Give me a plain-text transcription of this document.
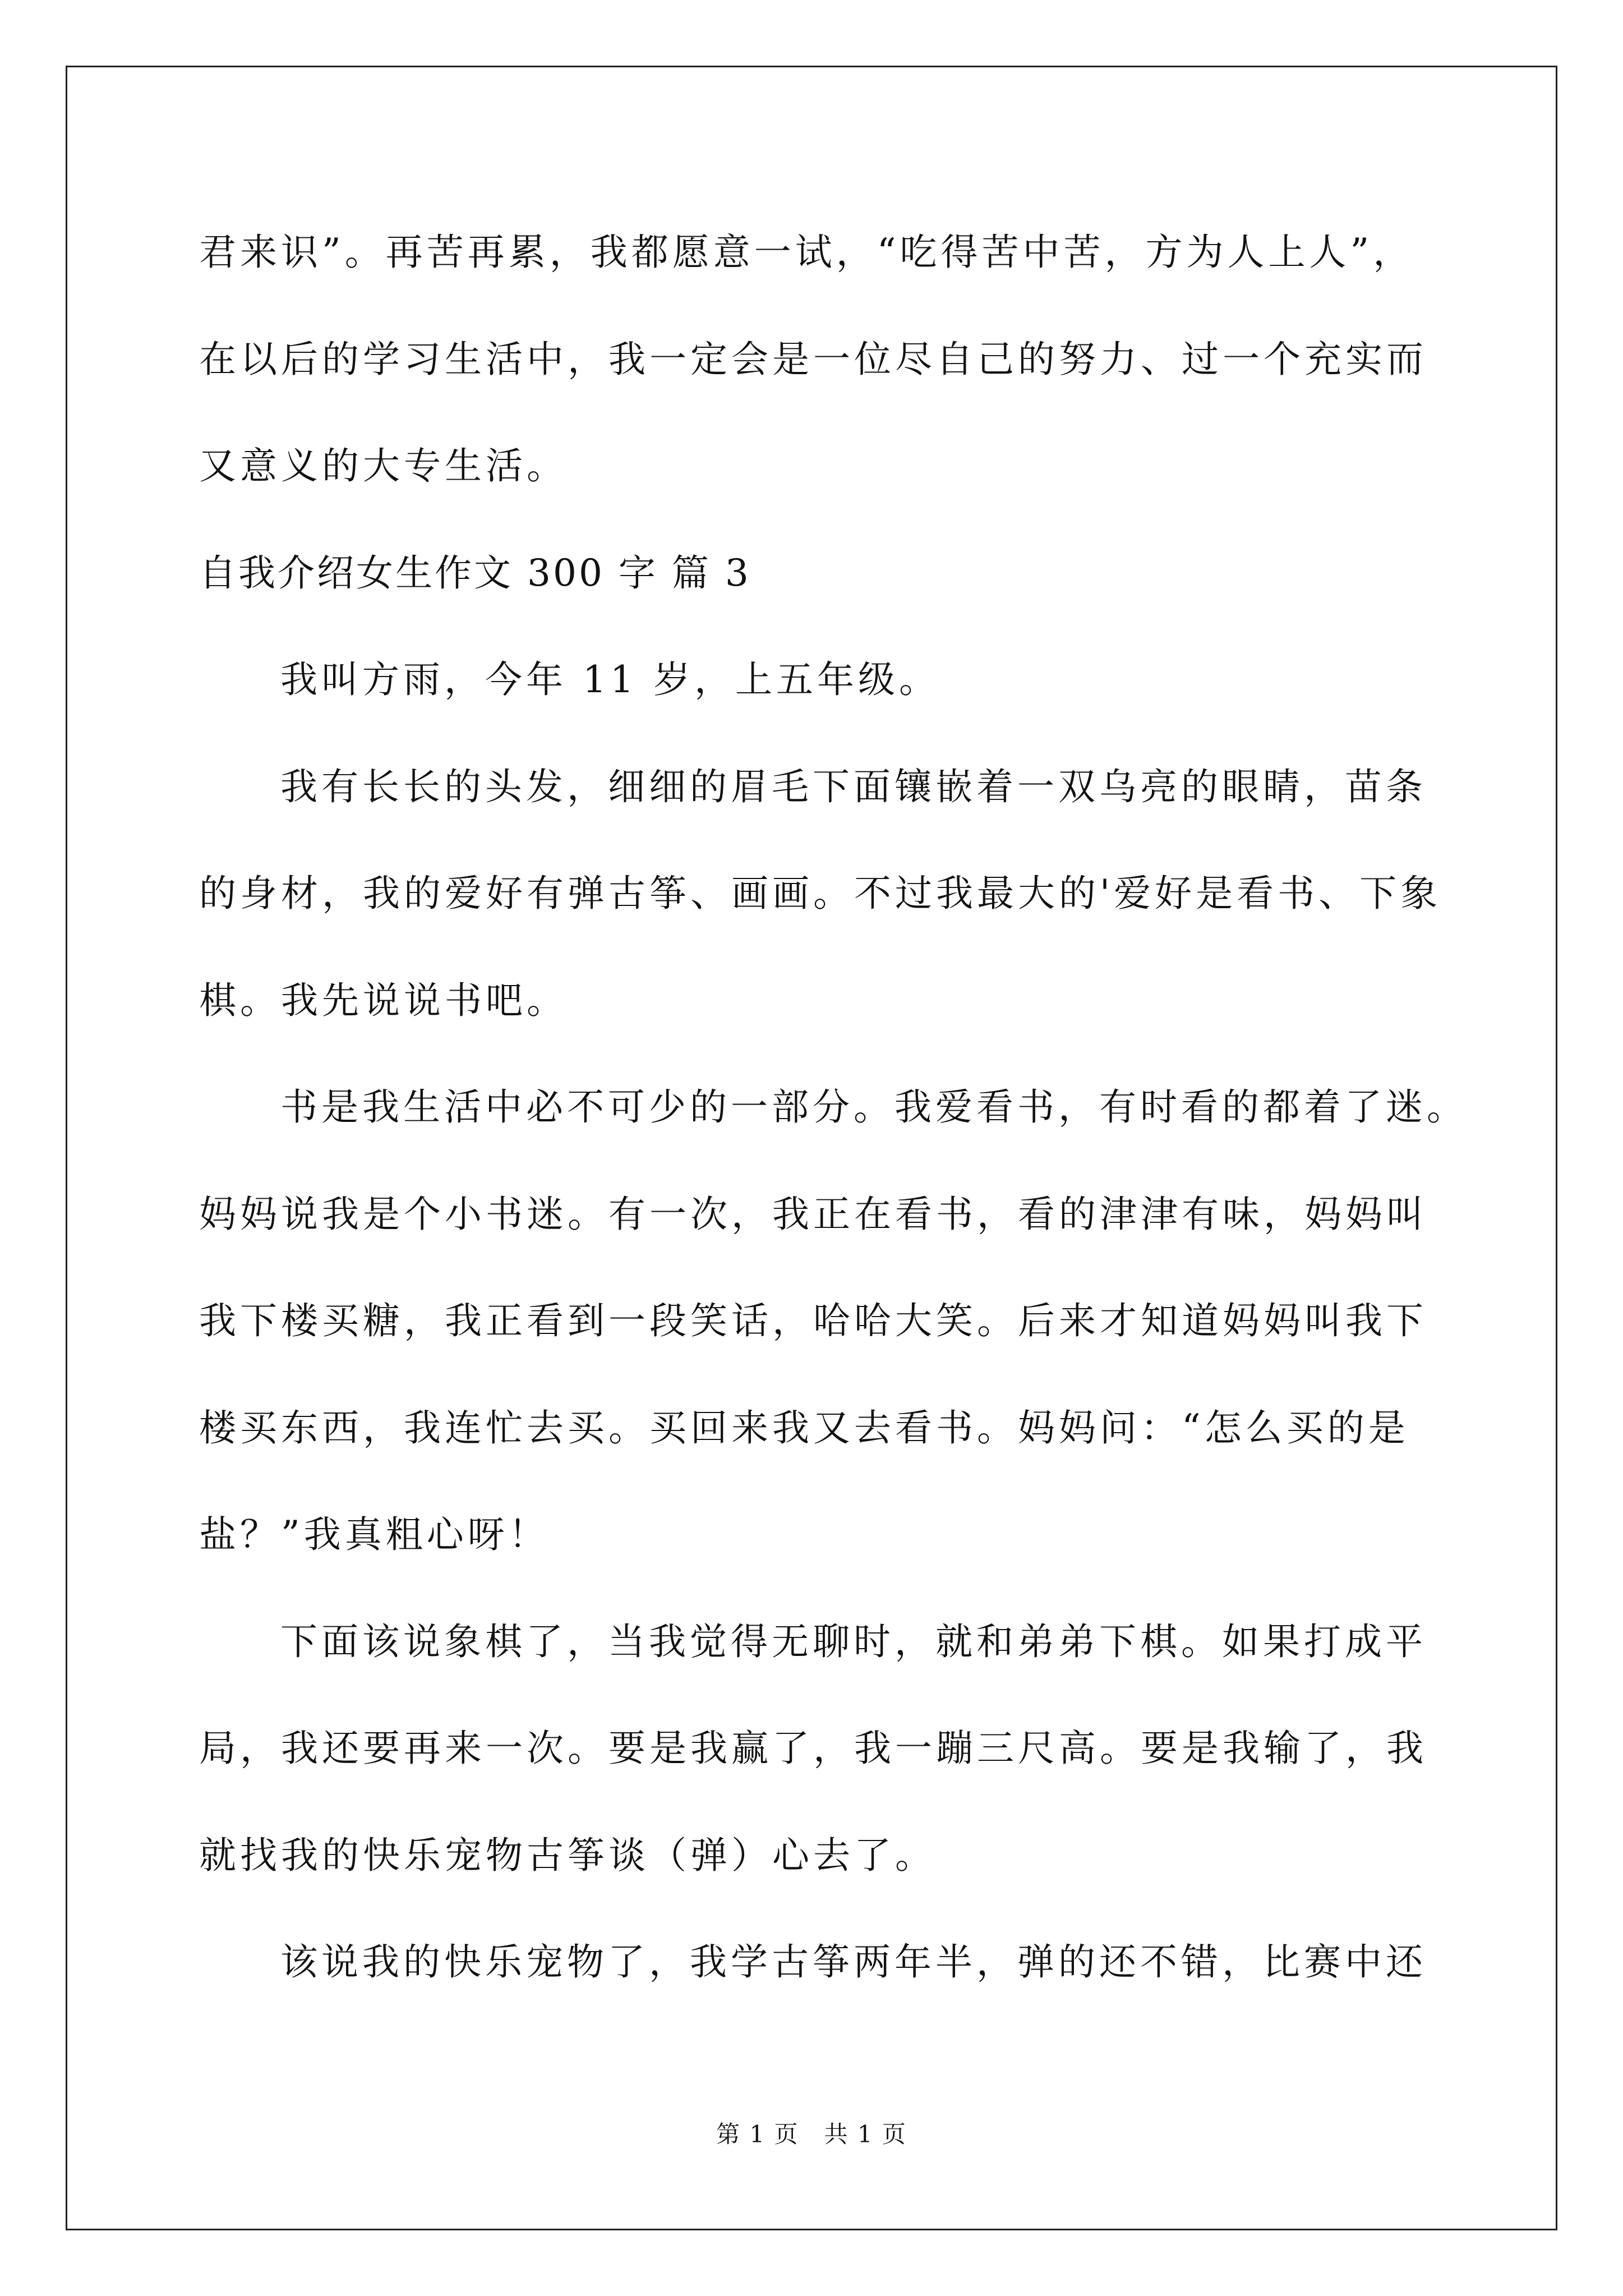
君来识”。再苦再累，我都愿意一试，“吃得苦中苦，方为人上人”，
在以后的学习生活中，我一定会是一位尽自己的努力、过一个充实而
又意义的大专生活。
自我介绍女生作文 300 字 篇 3
我叫方雨，今年 11 岁，上五年级。
我有长长的头发，细细的眉毛下面镶嵌着一双乌亮的眼睛，苗条
的身材，我的爱好有弹古筝、画画。不过我最大的'爱好是看书、下象
棋。我先说说书吧。
书是我生活中必不可少的一部分。我爱看书，有时看的都着了迷。
妈妈说我是个小书迷。有一次，我正在看书，看的津津有味，妈妈叫
我下楼买糖，我正看到一段笑话，哈哈大笑。后来才知道妈妈叫我下
楼买东西，我连忙去买。买回来我又去看书。妈妈问：“怎么买的是
盐？”我真粗心呀！
下面该说象棋了，当我觉得无聊时，就和弟弟下棋。如果打成平
局，我还要再来一次。要是我赢了，我一蹦三尺高。要是我输了，我
就找我的快乐宠物古筝谈（弹）心去了。
该说我的快乐宠物了，我学古筝两年半，弹的还不错，比赛中还
第 1 页 共 1 页
